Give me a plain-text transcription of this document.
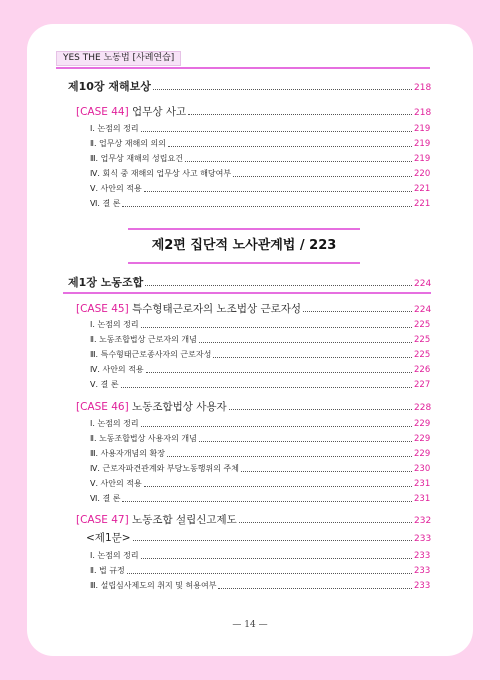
YES THE 노동법 [사례연습]
제10장 재해보상	218
[CASE 44] 업무상 사고	218
Ⅰ. 논점의 정리	219
Ⅱ. 업무상 재해의 의의	219
Ⅲ. 업무상 재해의 성립요건	219
Ⅳ. 회식 중 재해의 업무상 사고 해당여부	220
Ⅴ. 사안의 적용	221
Ⅵ. 결 론	221
제2편 집단적 노사관계법 / 223
제1장 노동조합	224
[CASE 45] 특수형태근로자의 노조법상 근로자성	224
Ⅰ. 논점의 정리	225
Ⅱ. 노동조합법상 근로자의 개념	225
Ⅲ. 특수형태근로종사자의 근로자성	225
Ⅳ. 사안의 적용	226
Ⅴ. 결 론	227
[CASE 46] 노동조합법상 사용자	228
Ⅰ. 논점의 정리	229
Ⅱ. 노동조합법상 사용자의 개념	229
Ⅲ. 사용자개념의 확장	229
Ⅳ. 근로자파견관계와 부당노동행위의 주체	230
Ⅴ. 사안의 적용	231
Ⅵ. 결 론	231
[CASE 47] 노동조합 설립신고제도	232
<제1문>	233
Ⅰ. 논점의 정리	233
Ⅱ. 법 규정	233
Ⅲ. 설립심사제도의 취지 및 허용여부	233
— 14 —
